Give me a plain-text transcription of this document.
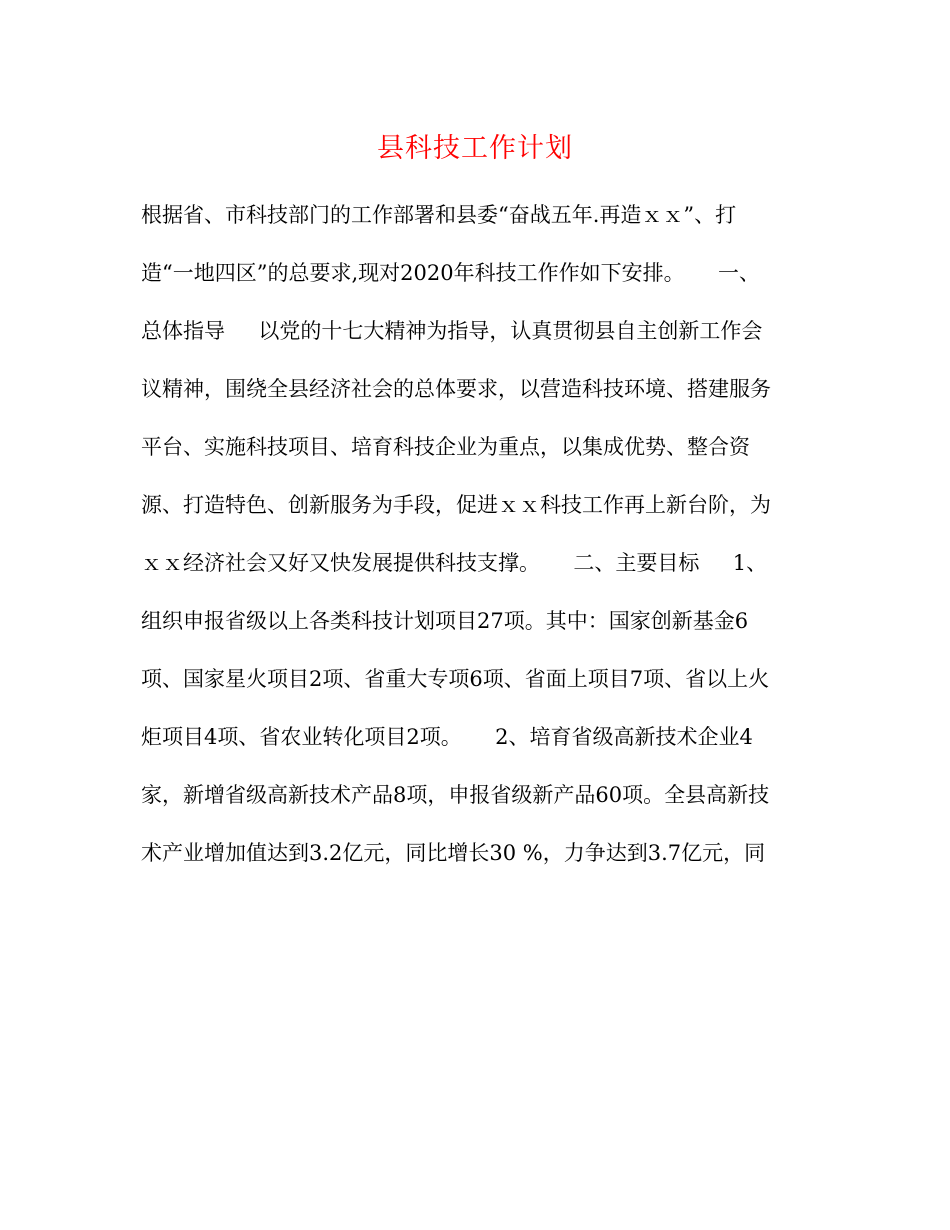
县科技工作计划
根据省、市科技部门的工作部署和县委“奋战五年.再造ｘｘ”、打
造“一地四区”的总要求,现对2020年科技工作作如下安排。     一、
总体指导     以党的十七大精神为指导，认真贯彻县自主创新工作会
议精神，围绕全县经济社会的总体要求，以营造科技环境、搭建服务
平台、实施科技项目、培育科技企业为重点，以集成优势、整合资
源、打造特色、创新服务为手段，促进ｘｘ科技工作再上新台阶，为
ｘｘ经济社会又好又快发展提供科技支撑。     二、主要目标     1、
组织申报省级以上各类科技计划项目27项。其中：国家创新基金6
项、国家星火项目2项、省重大专项6项、省面上项目7项、省以上火
炬项目4项、省农业转化项目2项。     2、培育省级高新技术企业4
家，新增省级高新技术产品8项，申报省级新产品60项。全县高新技
术产业增加值达到3.2亿元，同比增长30 %，力争达到3.7亿元，同
